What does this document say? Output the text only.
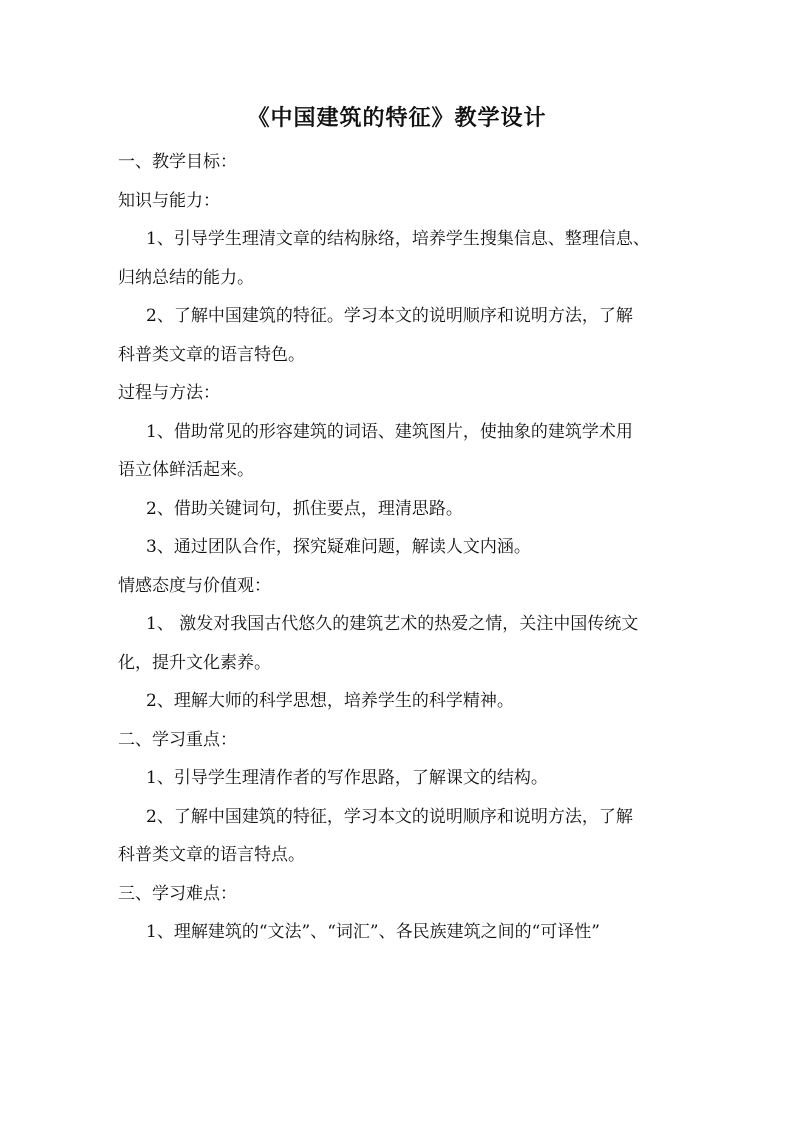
《中国建筑的特征》教学设计
一、教学目标：
知识与能力：
1、引导学生理清文章的结构脉络，培养学生搜集信息、整理信息、
归纳总结的能力。
2、了解中国建筑的特征。学习本文的说明顺序和说明方法，了解
科普类文章的语言特色。
过程与方法：
1、借助常见的形容建筑的词语、建筑图片，使抽象的建筑学术用
语立体鲜活起来。
2、借助关键词句，抓住要点，理清思路。
3、通过团队合作，探究疑难问题，解读人文内涵。
情感态度与价值观：
1、 激发对我国古代悠久的建筑艺术的热爱之情，关注中国传统文
化，提升文化素养。
2、理解大师的科学思想，培养学生的科学精神。
二、学习重点：
1、引导学生理清作者的写作思路，了解课文的结构。
2、了解中国建筑的特征，学习本文的说明顺序和说明方法，了解
科普类文章的语言特点。
三、学习难点：
1、理解建筑的“文法”、“词汇”、各民族建筑之间的“可译性”
